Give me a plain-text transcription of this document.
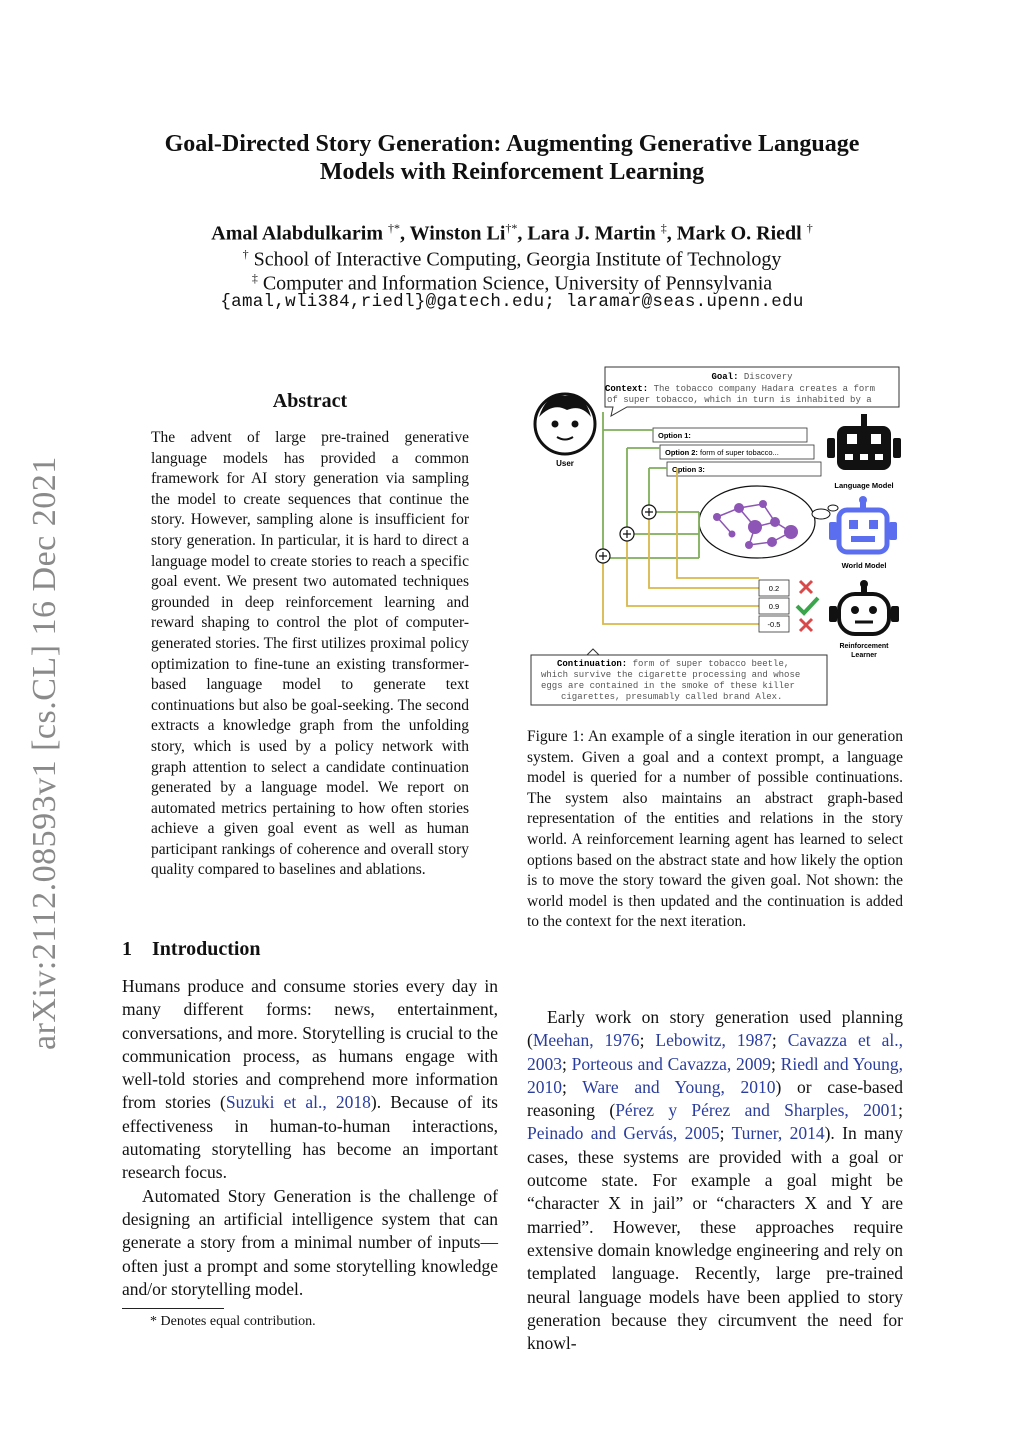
arXiv:2112.08593v1 [cs.CL] 16 Dec 2021
Goal-Directed Story Generation: Augmenting Generative Language
Models with Reinforcement Learning
Amal Alabdulkarim †*, Winston Li†*, Lara J. Martin ‡, Mark O. Riedl †
† School of Interactive Computing, Georgia Institute of Technology
‡ Computer and Information Science, University of Pennsylvania
{amal,wli384,riedl}@gatech.edu; laramar@seas.upenn.edu
Abstract
The advent of large pre-trained generative language models has provided a common framework for AI story generation via sampling the model to create sequences that continue the story. However, sampling alone is insufficient for story generation. In particular, it is hard to direct a language model to create stories to reach a specific goal event. We present two automated techniques grounded in deep reinforcement learning and reward shaping to control the plot of computer-generated stories. The first utilizes proximal policy optimization to fine-tune an existing transformer-based language model to generate text continuations but also be goal-seeking. The second extracts a knowledge graph from the unfolding story, which is used by a policy network with graph attention to select a candidate continuation generated by a language model. We report on automated metrics pertaining to how often stories achieve a given goal event as well as human participant rankings of coherence and overall story quality compared to baselines and ablations.
1 Introduction

Humans produce and consume stories every day in many different forms: news, entertainment, conversations, and more. Storytelling is crucial to the communication process, as humans engage with well-told stories and comprehend more information from stories (Suzuki et al., 2018). Because of its effectiveness in human-to-human interactions, automating storytelling has become an important research focus.

Automated Story Generation is the challenge of designing an artificial intelligence system that can generate a story from a minimal number of inputs—often just a prompt and some storytelling knowledge and/or storytelling model.

* Denotes equal contribution.
Goal: Discovery
Context: The tobacco company Hadara creates a form
of super tobacco, which in turn is inhabited by a
User
Option 1:
Option 2: form of super tobacco...
Option 3:
Language Model
World Model
Reinforcement
Learner
0.2
0.9
-0.5
Continuation: form of super tobacco beetle,
which survive the cigarette processing and whose
eggs are contained in the smoke of these killer
cigarettes, presumably called brand Alex.
Figure 1: An example of a single iteration in our generation system. Given a goal and a context prompt, a language model is queried for a number of possible continuations. The system also maintains an abstract graph-based representation of the entities and relations in the story world. A reinforcement learning agent has learned to select options based on the abstract state and how likely the option is to move the story toward the given goal. Not shown: the world model is then updated and the continuation is added to the context for the next iteration.
Early work on story generation used planning (Meehan, 1976; Lebowitz, 1987; Cavazza et al., 2003; Porteous and Cavazza, 2009; Riedl and Young, 2010; Ware and Young, 2010) or case-based reasoning (Pérez y Pérez and Sharples, 2001; Peinado and Gervás, 2005; Turner, 2014). In many cases, these systems are provided with a goal or outcome state. For example a goal might be “character X in jail” or “characters X and Y are married”. However, these approaches require extensive domain knowledge engineering and rely on templated language. Recently, large pre-trained neural language models have been applied to story generation because they circumvent the need for knowl-
